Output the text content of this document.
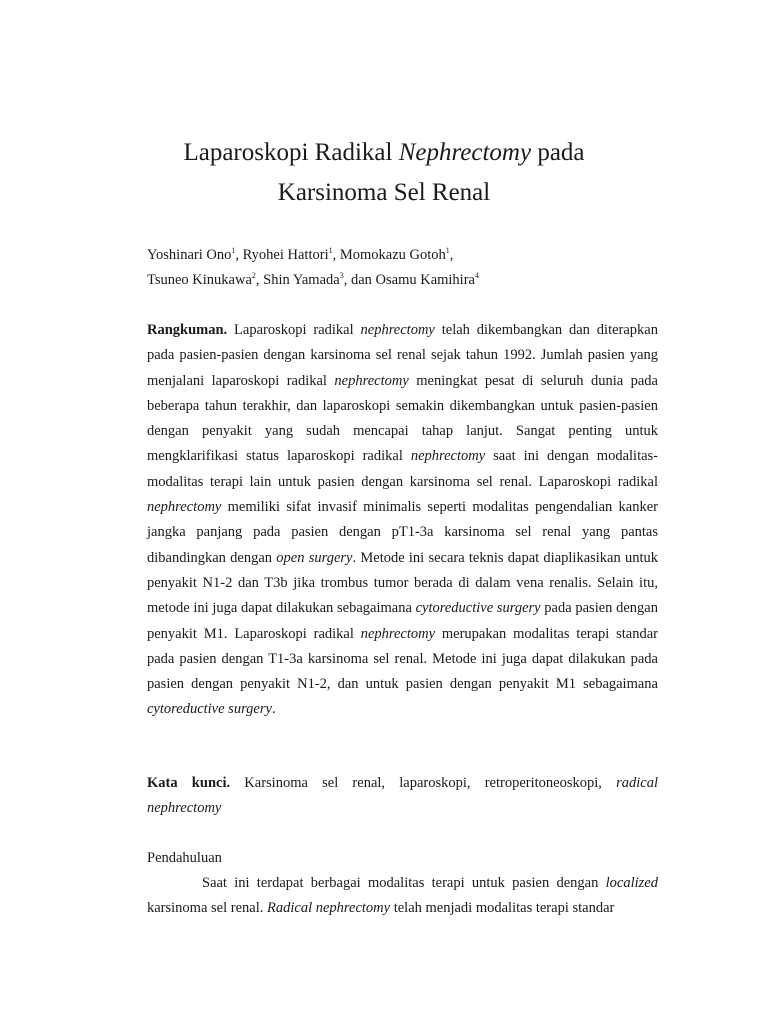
Laparoskopi Radikal Nephrectomy pada
Karsinoma Sel Renal
Yoshinari Ono$^1$, Ryohei Hattori$^1$, Momokazu Gotoh$^1$,
Tsuneo Kinukawa$^2$, Shin Yamada$^3$, dan Osamu Kamihira$^4$
Rangkuman. Laparoskopi radikal nephrectomy telah dikembangkan dan diterapkan pada pasien-pasien dengan karsinoma sel renal sejak tahun 1992. Jumlah pasien yang menjalani laparoskopi radikal nephrectomy meningkat pesat di seluruh dunia pada beberapa tahun terakhir, dan laparoskopi semakin dikembangkan untuk pasien-pasien dengan penyakit yang sudah mencapai tahap lanjut. Sangat penting untuk mengklarifikasi status laparoskopi radikal nephrectomy saat ini dengan modalitas-modalitas terapi lain untuk pasien dengan karsinoma sel renal. Laparoskopi radikal nephrectomy memiliki sifat invasif minimalis seperti modalitas pengendalian kanker jangka panjang pada pasien dengan pT1-3a karsinoma sel renal yang pantas dibandingkan dengan open surgery. Metode ini secara teknis dapat diaplikasikan untuk penyakit N1-2 dan T3b jika trombus tumor berada di dalam vena renalis. Selain itu, metode ini juga dapat dilakukan sebagaimana cytoreductive surgery pada pasien dengan penyakit M1. Laparoskopi radikal nephrectomy merupakan modalitas terapi standar pada pasien dengan T1-3a karsinoma sel renal. Metode ini juga dapat dilakukan pada pasien dengan penyakit N1-2, dan untuk pasien dengan penyakit M1 sebagaimana cytoreductive surgery.
Kata kunci. Karsinoma sel renal, laparoskopi, retroperitoneoskopi, radical nephrectomy
Pendahuluan
Saat ini terdapat berbagai modalitas terapi untuk pasien dengan localized karsinoma sel renal. Radical nephrectomy telah menjadi modalitas terapi standar
